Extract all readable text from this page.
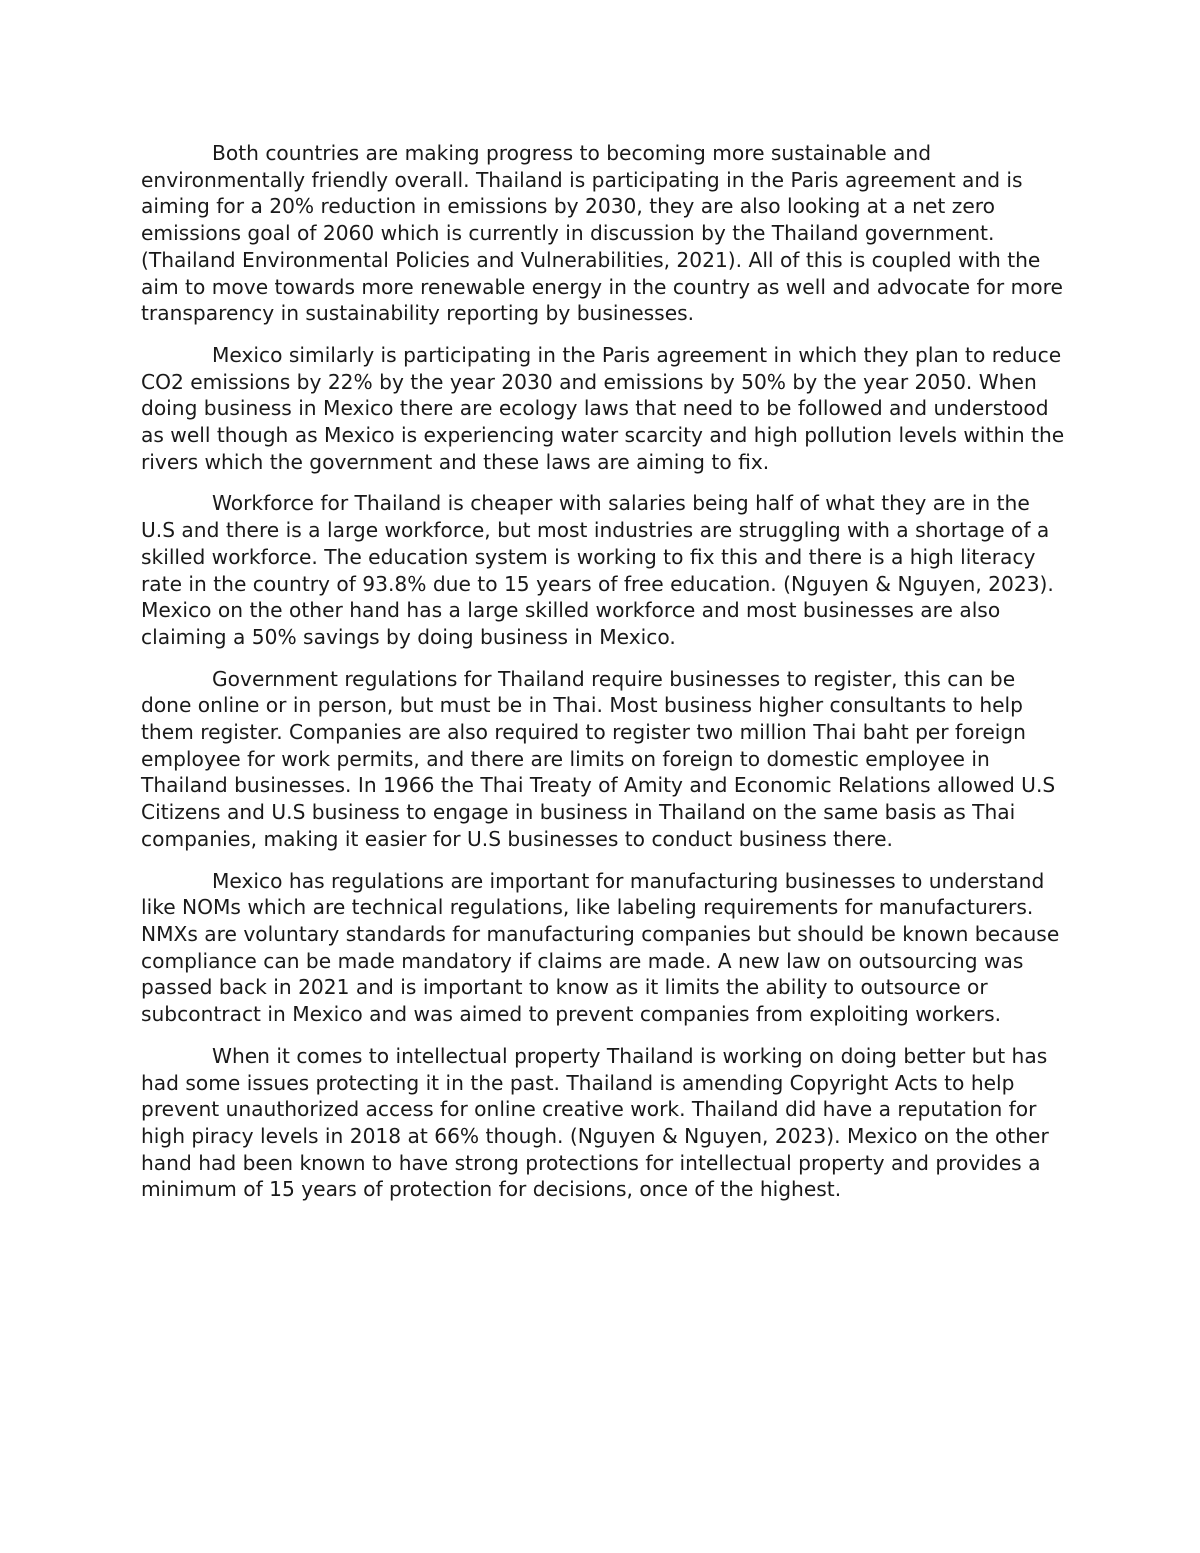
Both countries are making progress to becoming more sustainable and environmentally friendly overall. Thailand is participating in the Paris agreement and is aiming for a 20% reduction in emissions by 2030, they are also looking at a net zero emissions goal of 2060 which is currently in discussion by the Thailand government. (Thailand Environmental Policies and Vulnerabilities, 2021). All of this is coupled with the aim to move towards more renewable energy in the country as well and advocate for more transparency in sustainability reporting by businesses.

Mexico similarly is participating in the Paris agreement in which they plan to reduce CO2 emissions by 22% by the year 2030 and emissions by 50% by the year 2050. When doing business in Mexico there are ecology laws that need to be followed and understood as well though as Mexico is experiencing water scarcity and high pollution levels within the rivers which the government and these laws are aiming to fix.

Workforce for Thailand is cheaper with salaries being half of what they are in the U.S and there is a large workforce, but most industries are struggling with a shortage of a skilled workforce. The education system is working to fix this and there is a high literacy rate in the country of 93.8% due to 15 years of free education. (Nguyen & Nguyen, 2023). Mexico on the other hand has a large skilled workforce and most businesses are also claiming a 50% savings by doing business in Mexico.

Government regulations for Thailand require businesses to register, this can be done online or in person, but must be in Thai. Most business higher consultants to help them register. Companies are also required to register two million Thai baht per foreign employee for work permits, and there are limits on foreign to domestic employee in Thailand businesses. In 1966 the Thai Treaty of Amity and Economic Relations allowed U.S Citizens and U.S business to engage in business in Thailand on the same basis as Thai companies, making it easier for U.S businesses to conduct business there.

Mexico has regulations are important for manufacturing businesses to understand like NOMs which are technical regulations, like labeling requirements for manufacturers. NMXs are voluntary standards for manufacturing companies but should be known because compliance can be made mandatory if claims are made. A new law on outsourcing was passed back in 2021 and is important to know as it limits the ability to outsource or subcontract in Mexico and was aimed to prevent companies from exploiting workers.

When it comes to intellectual property Thailand is working on doing better but has had some issues protecting it in the past. Thailand is amending Copyright Acts to help prevent unauthorized access for online creative work. Thailand did have a reputation for high piracy levels in 2018 at 66% though. (Nguyen & Nguyen, 2023). Mexico on the other hand had been known to have strong protections for intellectual property and provides a minimum of 15 years of protection for decisions, once of the highest.
